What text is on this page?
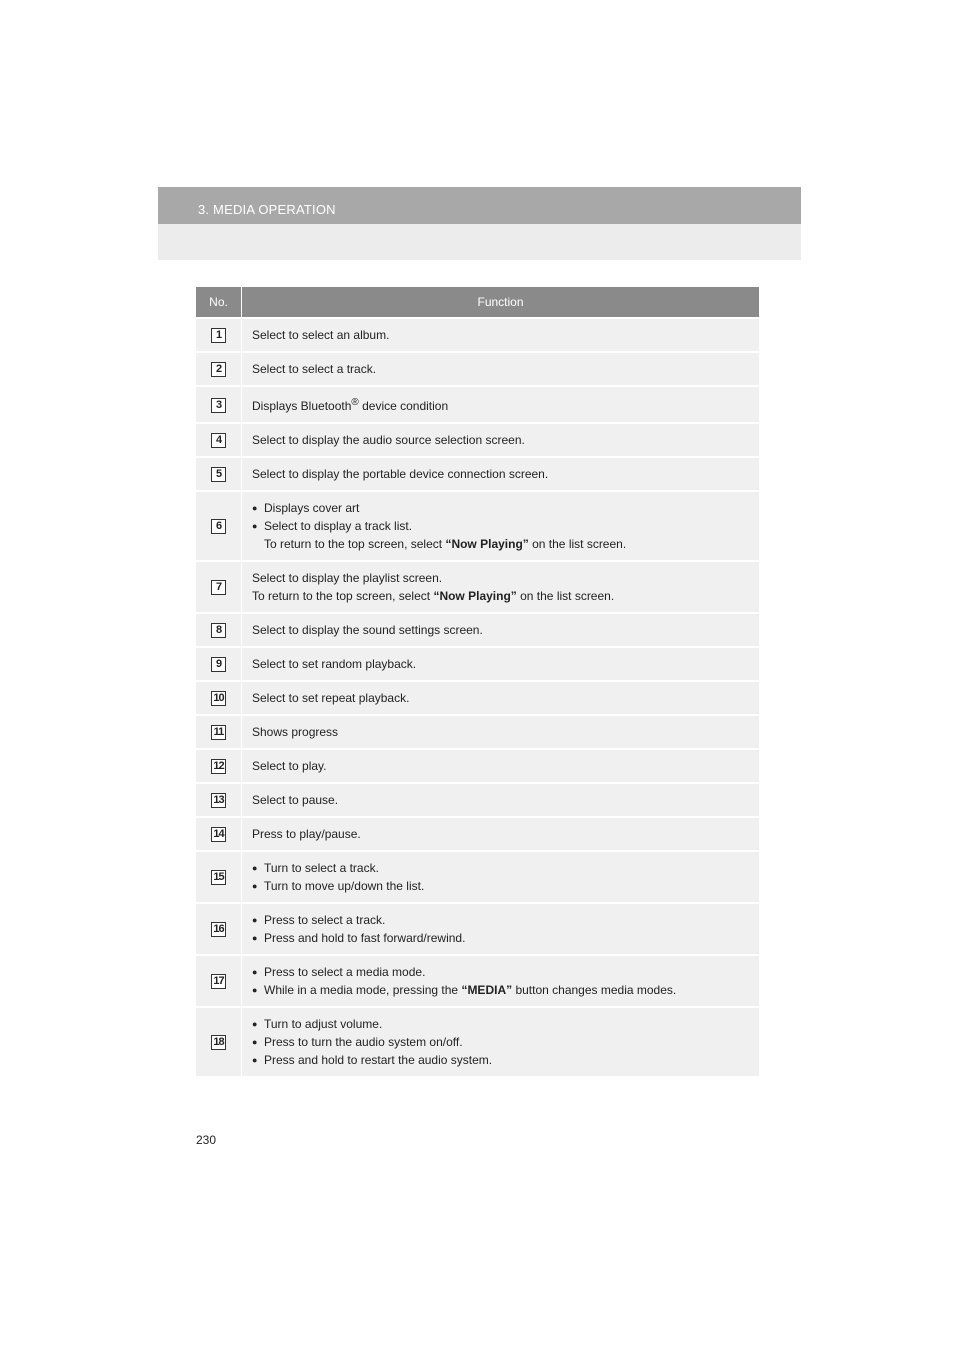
3. MEDIA OPERATION
No.	Function
1	Select to select an album.
2	Select to select a track.
3	Displays Bluetooth® device condition
4	Select to display the audio source selection screen.
5	Select to display the portable device connection screen.
6	● Displays cover art
● Select to display a track list.
To return to the top screen, select “Now Playing” on the list screen.

7	Select to display the playlist screen.
To return to the top screen, select “Now Playing” on the list screen.

8	Select to display the sound settings screen.
9	Select to set random playback.
10	Select to set repeat playback.
11	Shows progress
12	Select to play.
13	Select to pause.
14	Press to play/pause.
15	● Turn to select a track.
● Turn to move up/down the list.

16	● Press to select a track.
● Press and hold to fast forward/rewind.

17	● Press to select a media mode.
● While in a media mode, pressing the “MEDIA” button changes media modes.

18	● Turn to adjust volume.
● Press to turn the audio system on/off.
● Press and hold to restart the audio system.
230
